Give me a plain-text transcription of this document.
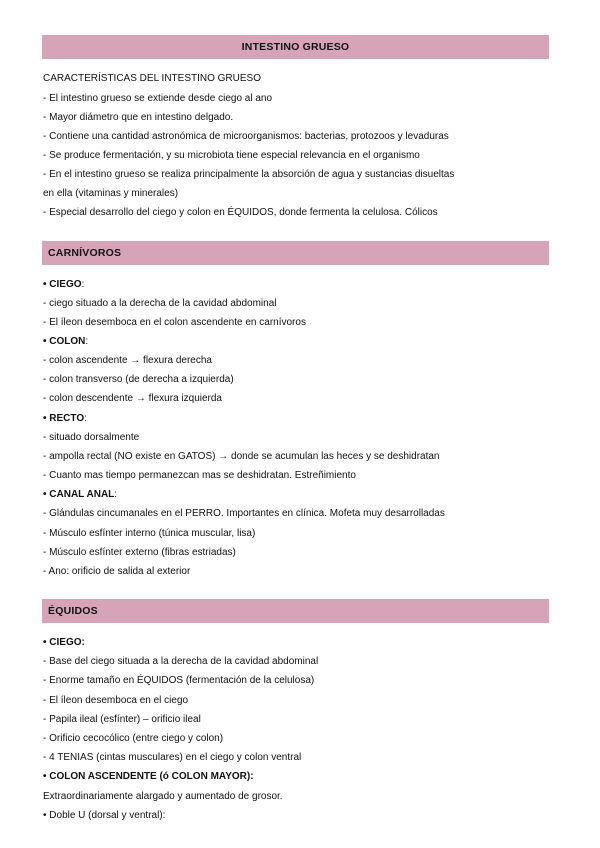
INTESTINO GRUESO
CARACTERÍSTICAS DEL INTESTINO GRUESO
- El intestino grueso se extiende desde ciego al ano
- Mayor diámetro que en intestino delgado.
- Contiene una cantidad astronómica de microorganismos: bacterias, protozoos y levaduras
- Se produce fermentación, y su microbiota tiene especial relevancia en el organismo
- En el intestino grueso se realiza principalmente la absorción de agua y sustancias disueltas
en ella (vitaminas y minerales)
- Especial desarrollo del ciego y colon en ÉQUIDOS, donde fermenta la celulosa. Cólicos
CARNÍVOROS
• CIEGO:
- ciego situado a la derecha de la cavidad abdominal
- El íleon desemboca en el colon ascendente en carnívoros
• COLON:
- colon ascendente → flexura derecha
- colon transverso (de derecha a izquierda)
- colon descendente → flexura izquierda
• RECTO:
- situado dorsalmente
- ampolla rectal (NO existe en GATOS) → donde se acumulan las heces y se deshidratan
- Cuanto mas tiempo permanezcan mas se deshidratan. Estreñimiento
• CANAL ANAL:
- Glándulas cincumanales en el PERRO. Importantes en clínica. Mofeta muy desarrolladas
- Músculo esfínter interno (túnica muscular, lisa)
- Músculo esfínter externo (fibras estriadas)
- Ano: orificio de salida al exterior
ÉQUIDOS
• CIEGO:
- Base del ciego situada a la derecha de la cavidad abdominal
- Enorme tamaño en ÉQUIDOS (fermentación de la celulosa)
- El íleon desemboca en el ciego
- Papila ileal (esfínter) – orificio ileal
- Orificio cecocólico (entre ciego y colon)
- 4 TENIAS (cintas musculares) en el ciego y colon ventral
• COLON ASCENDENTE (ó COLON MAYOR):
Extraordinariamente alargado y aumentado de grosor.
• Doble U (dorsal y ventral):
